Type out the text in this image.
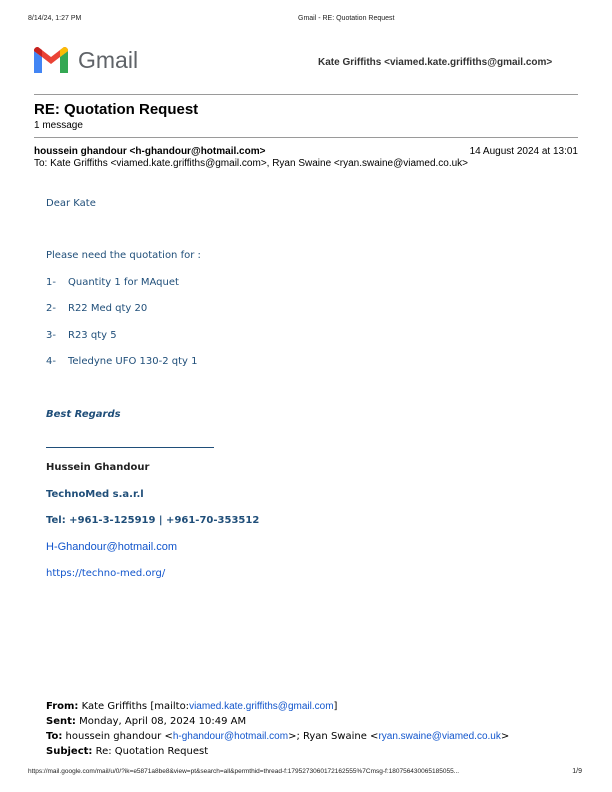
8/14/24, 1:27 PM	Gmail - RE: Quotation Request
Gmail	Kate Griffiths <viamed.kate.griffiths@gmail.com>
RE: Quotation Request
1 message
houssein ghandour <h-ghandour@hotmail.com>	14 August 2024 at 13:01
To: Kate Griffiths <viamed.kate.griffiths@gmail.com>, Ryan Swaine <ryan.swaine@viamed.co.uk>
Dear Kate
Please need the quotation for :
1- Quantity 1 for MAquet
2- R22 Med qty 20
3- R23 qty 5
4- Teledyne UFO 130-2 qty 1
Best Regards
Hussein Ghandour
TechnoMed s.a.r.l
Tel: +961-3-125919 | +961-70-353512
H-Ghandour@hotmail.com
https://techno-med.org/
From: Kate Griffiths [mailto:viamed.kate.griffiths@gmail.com]
Sent: Monday, April 08, 2024 10:49 AM
To: houssein ghandour <h-ghandour@hotmail.com>; Ryan Swaine <ryan.swaine@viamed.co.uk>
Subject: Re: Quotation Request
https://mail.google.com/mail/u/0/?ik=e5871a8be8&view=pt&search=all&permthid=thread-f:1795273060172162555%7Cmsg-f:180756430065185055...	1/9
